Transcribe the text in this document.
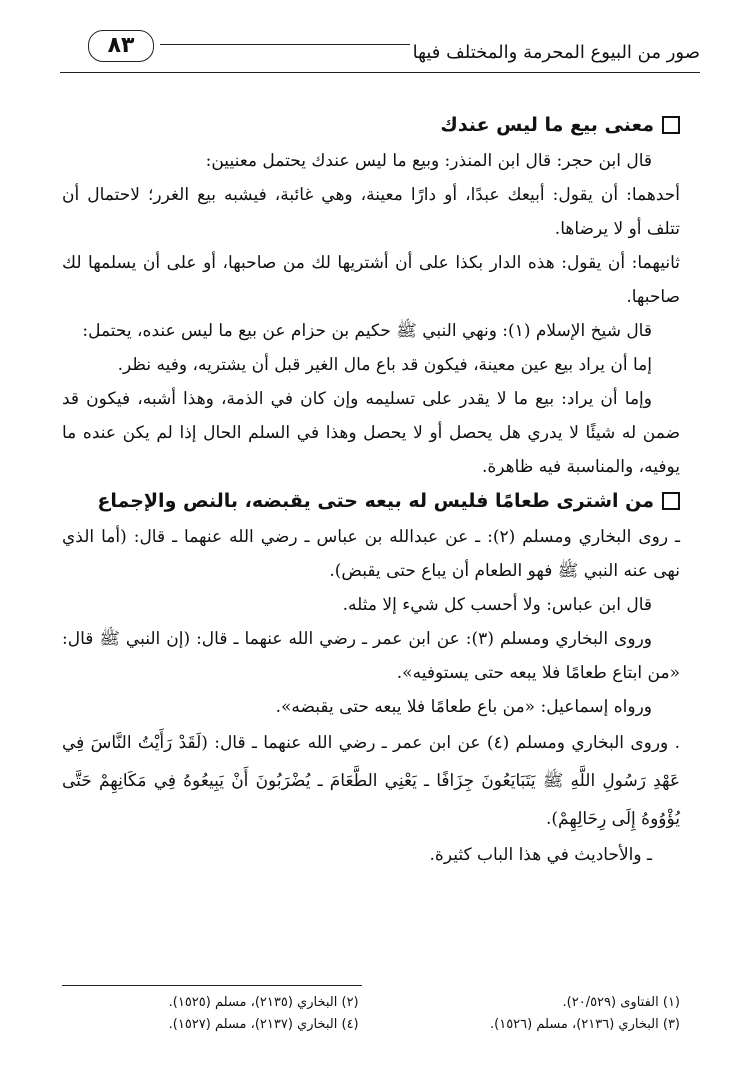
٨٣	صور من البيوع المحرمة والمختلف فيها
معنى بيع ما ليس عندك

قال ابن حجر: قال ابن المنذر: وبيع ما ليس عندك يحتمل معنيين:

أحدهما: أن يقول: أبيعك عبدًا، أو دارًا معينة، وهي غائبة، فيشبه بيع الغرر؛ لاحتمال أن تتلف أو لا يرضاها.

ثانيهما: أن يقول: هذه الدار بكذا على أن أشتريها لك من صاحبها، أو على أن يسلمها لك صاحبها.

قال شيخ الإسلام (١): ونهي النبي ﷺ حكيم بن حزام عن بيع ما ليس عنده، يحتمل:

إما أن يراد بيع عين معينة، فيكون قد باع مال الغير قبل أن يشتريه، وفيه نظر.

وإما أن يراد: بيع ما لا يقدر على تسليمه وإن كان في الذمة، وهذا أشبه، فيكون قد ضمن له شيئًا لا يدري هل يحصل أو لا يحصل وهذا في السلم الحال إذا لم يكن عنده ما يوفيه، والمناسبة فيه ظاهرة.

من اشترى طعامًا فليس له بيعه حتى يقبضه، بالنص والإجماع

ـ روى البخاري ومسلم (٢): ـ عن عبدالله بن عباس ـ رضي الله عنهما ـ قال: (أما الذي نهى عنه النبي ﷺ فهو الطعام أن يباع حتى يقبض).

قال ابن عباس: ولا أحسب كل شيء إلا مثله.

وروى البخاري ومسلم (٣): عن ابن عمر ـ رضي الله عنهما ـ قال: (إن النبي ﷺ قال: «من ابتاع طعامًا فلا يبعه حتى يستوفيه».

ورواه إسماعيل: «من باع طعامًا فلا يبعه حتى يقبضه».

. وروى البخاري ومسلم (٤) عن ابن عمر ـ رضي الله عنهما ـ قال: (لَقَدْ رَأَيْتُ النَّاسَ فِي عَهْدِ رَسُولِ اللَّهِ ﷺ يَتَبَايَعُونَ جِزَافًا ـ يَعْنِي الطَّعَامَ ـ يُضْرَبُونَ أَنْ يَبِيعُوهُ فِي مَكَانِهِمْ حَتَّى يُؤْوُوهُ إِلَى رِحَالِهِمْ).

ـ والأحاديث في هذا الباب كثيرة.

(١) الفتاوى (٢٠/٥٢٩).
(٢) البخاري (٢١٣٥)، مسلم (١٥٢٥).
(٣) البخاري (٢١٣٦)، مسلم (١٥٢٦).
(٤) البخاري (٢١٣٧)، مسلم (١٥٢٧).
